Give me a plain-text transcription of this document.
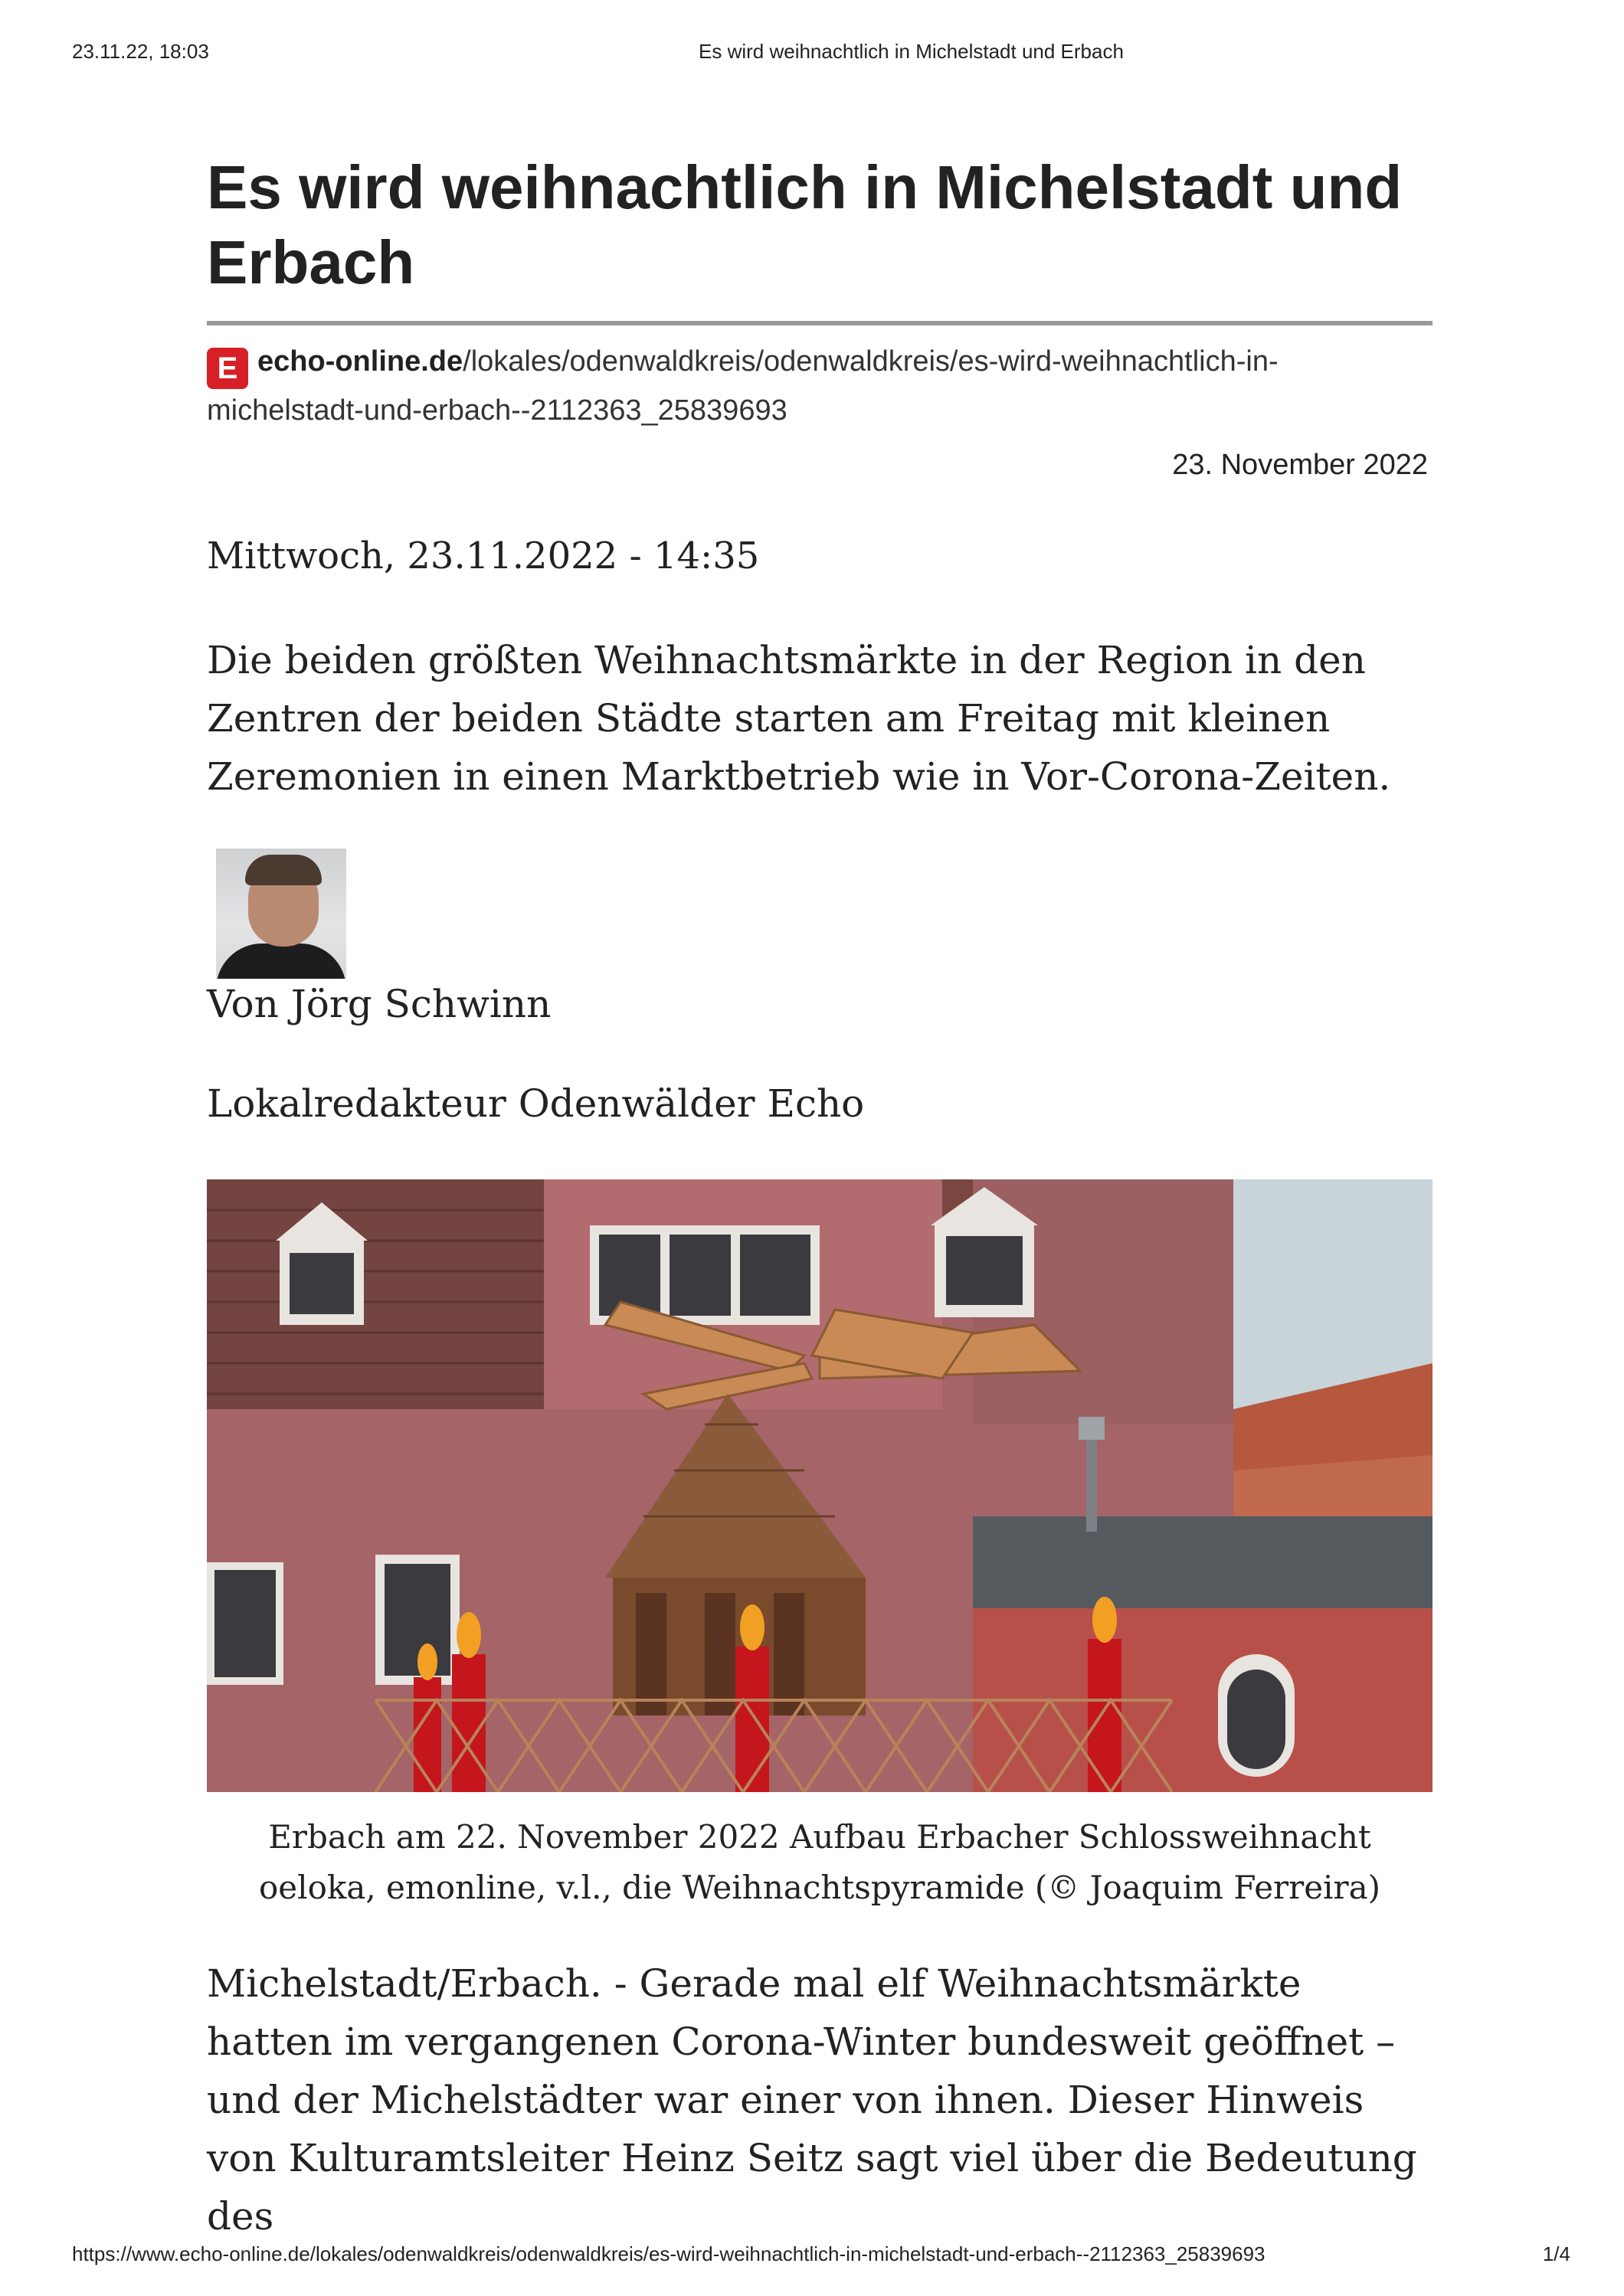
23.11.22, 18:03	Es wird weihnachtlich in Michelstadt und Erbach
Es wird weihnachtlich in Michelstadt und Erbach
E echo-online.de/lokales/odenwaldkreis/odenwaldkreis/es-wird-weihnachtlich-in-michelstadt-und-erbach--2112363_25839693
23. November 2022
Mittwoch, 23.11.2022 - 14:35

Die beiden größten Weihnachtsmärkte in der Region in den Zentren der beiden Städte starten am Freitag mit kleinen Zeremonien in einen Marktbetrieb wie in Vor-Corona-Zeiten.

Von Jörg Schwinn
Lokalredakteur Odenwälder Echo
Erbach am 22. November 2022 Aufbau Erbacher Schlossweihnacht oeloka, emonline, v.l., die Weihnachtspyramide (© Joaquim Ferreira)

Michelstadt/Erbach. - Gerade mal elf Weihnachtsmärkte hatten im vergangenen Corona-Winter bundesweit geöffnet – und der Michelstädter war einer von ihnen. Dieser Hinweis von Kulturamtsleiter Heinz Seitz sagt viel über die Bedeutung des

https://www.echo-online.de/lokales/odenwaldkreis/odenwaldkreis/es-wird-weihnachtlich-in-michelstadt-und-erbach--2112363_25839693	1/4
